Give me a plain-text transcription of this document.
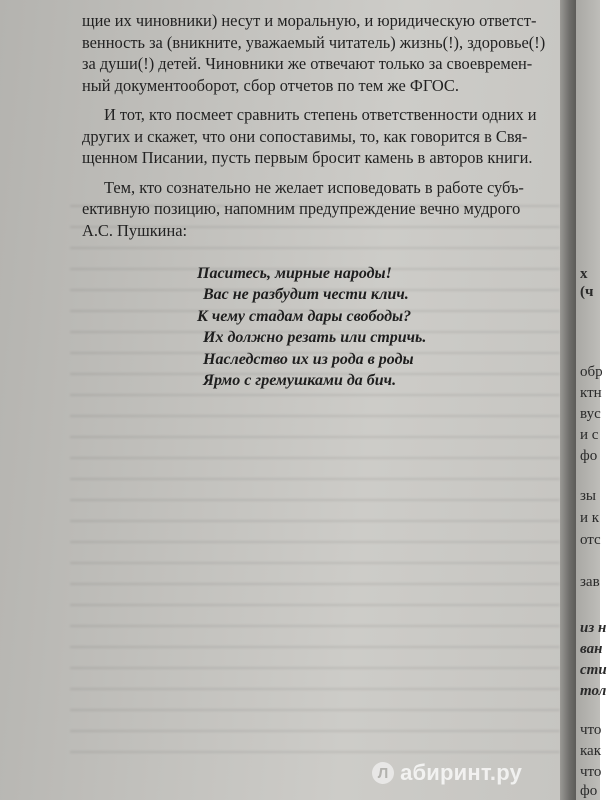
щие их чиновники) несут и моральную, и юридическую ответст-
венность за (вникните, уважаемый читатель) жизнь(!), здоровье(!)
за души(!) детей. Чиновники же отвечают только за своевремен-
ный документооборот, сбор отчетов по тем же ФГОС.
И тот, кто посмеет сравнить степень ответственности одних и
других и скажет, что они сопоставимы, то, как говорится в Свя-
щенном Писании, пусть первым бросит камень в авторов книги.
Тем, кто сознательно не желает исповедовать в работе субъ-
ективную позицию, напомним предупреждение вечно мудрого
А.С. Пушкина:
Паситесь, мирные народы!
Вас не разбудит чести клич.
К чему стадам дары свободы?
Их должно резать или стричь.
Наследство их из рода в роды
Ярмо с гремушками да бич.
Л абиринт.ру
х
(ч
обр
ктн
вус
и с
фо
зы
и к
отс
зав
из н
ван
сти
тол
что
как
что
фо
